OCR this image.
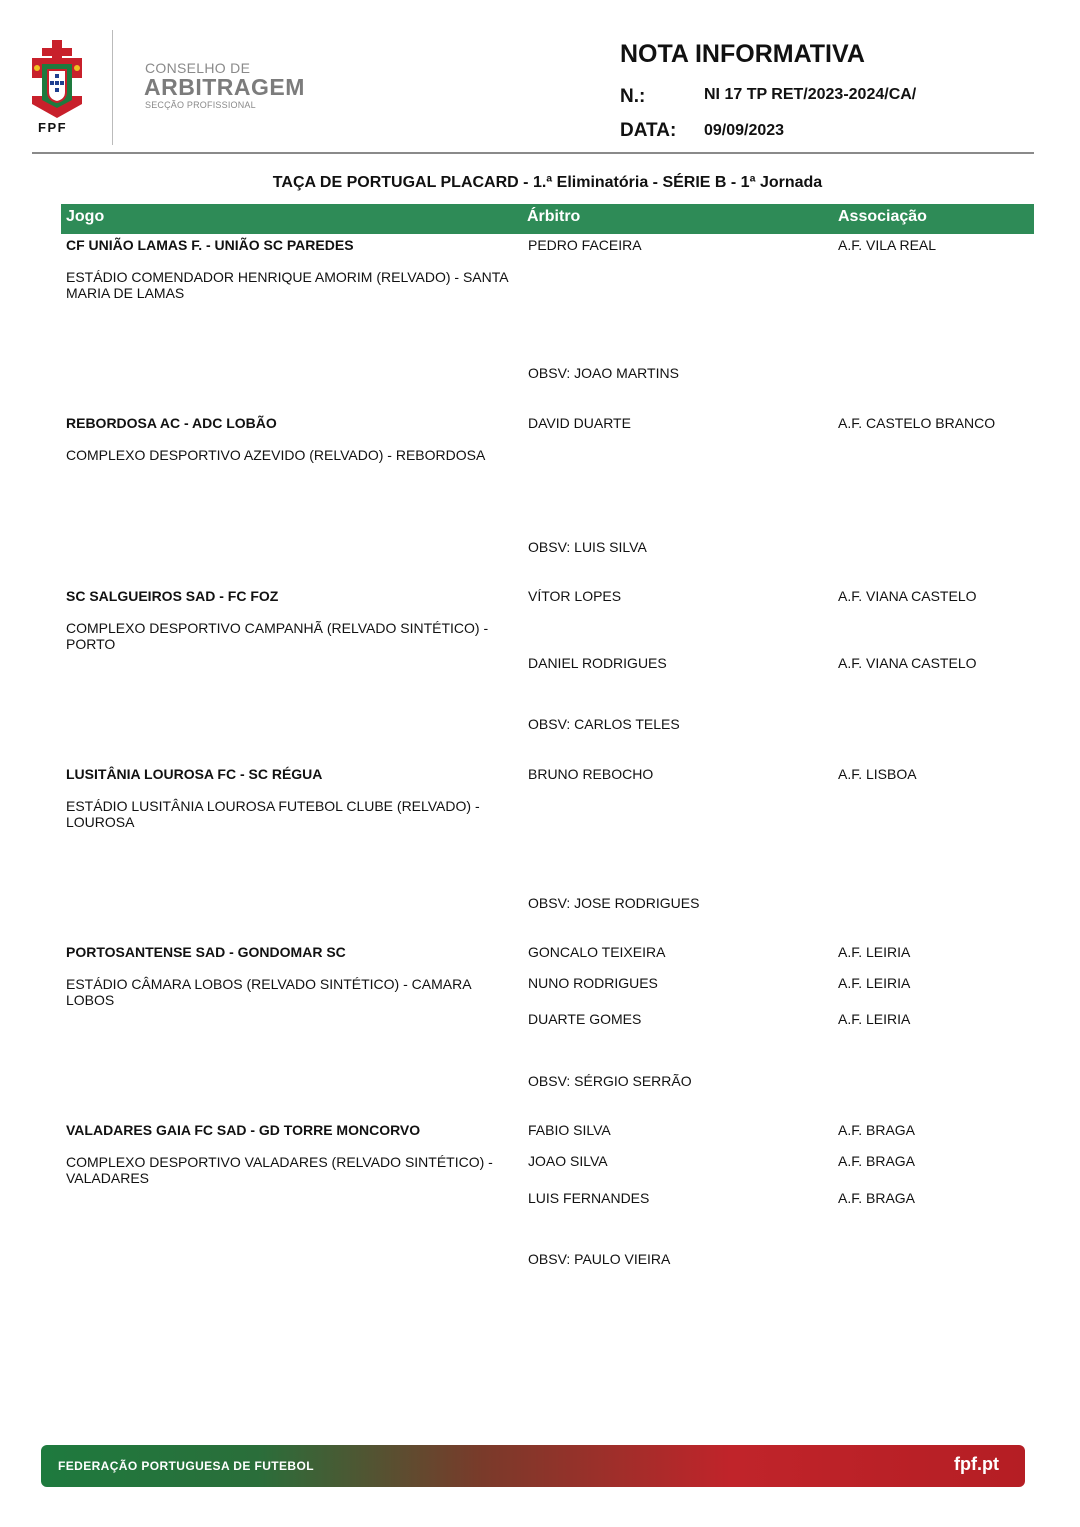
FPF
CONSELHO DE
ARBITRAGEM
SECÇÃO PROFISSIONAL
NOTA INFORMATIVA
N.:	NI 17 TP RET/2023-2024/CA/
DATA: 09/09/2023
TAÇA DE PORTUGAL PLACARD - 1.ª Eliminatória - SÉRIE B - 1ª Jornada
Jogo	Árbitro	Associação
CF UNIÃO LAMAS F. - UNIÃO SC PAREDES
ESTÁDIO COMENDADOR HENRIQUE AMORIM (RELVADO) - SANTA MARIA DE LAMAS
PEDRO FACEIRA	A.F. VILA REAL
OBSV: JOAO MARTINS
REBORDOSA AC - ADC LOBÃO
COMPLEXO DESPORTIVO AZEVIDO (RELVADO) - REBORDOSA
DAVID DUARTE	A.F. CASTELO BRANCO
OBSV: LUIS SILVA
SC SALGUEIROS SAD - FC FOZ
COMPLEXO DESPORTIVO CAMPANHÃ (RELVADO SINTÉTICO) - PORTO
VÍTOR LOPES	A.F. VIANA CASTELO
DANIEL RODRIGUES	A.F. VIANA CASTELO
OBSV: CARLOS TELES
LUSITÂNIA LOUROSA FC - SC RÉGUA
ESTÁDIO LUSITÂNIA LOUROSA FUTEBOL CLUBE (RELVADO) - LOUROSA
BRUNO REBOCHO	A.F. LISBOA
OBSV: JOSE RODRIGUES
PORTOSANTENSE SAD - GONDOMAR SC
ESTÁDIO CÂMARA LOBOS (RELVADO SINTÉTICO) - CAMARA LOBOS
GONCALO TEIXEIRA	A.F. LEIRIA
NUNO RODRIGUES	A.F. LEIRIA
DUARTE GOMES	A.F. LEIRIA
OBSV: SÉRGIO SERRÃO
VALADARES GAIA FC SAD - GD TORRE MONCORVO
COMPLEXO DESPORTIVO VALADARES (RELVADO SINTÉTICO) - VALADARES
FABIO SILVA	A.F. BRAGA
JOAO SILVA	A.F. BRAGA
LUIS FERNANDES	A.F. BRAGA
OBSV: PAULO VIEIRA
FEDERAÇÃO PORTUGUESA DE FUTEBOL	fpf.pt
